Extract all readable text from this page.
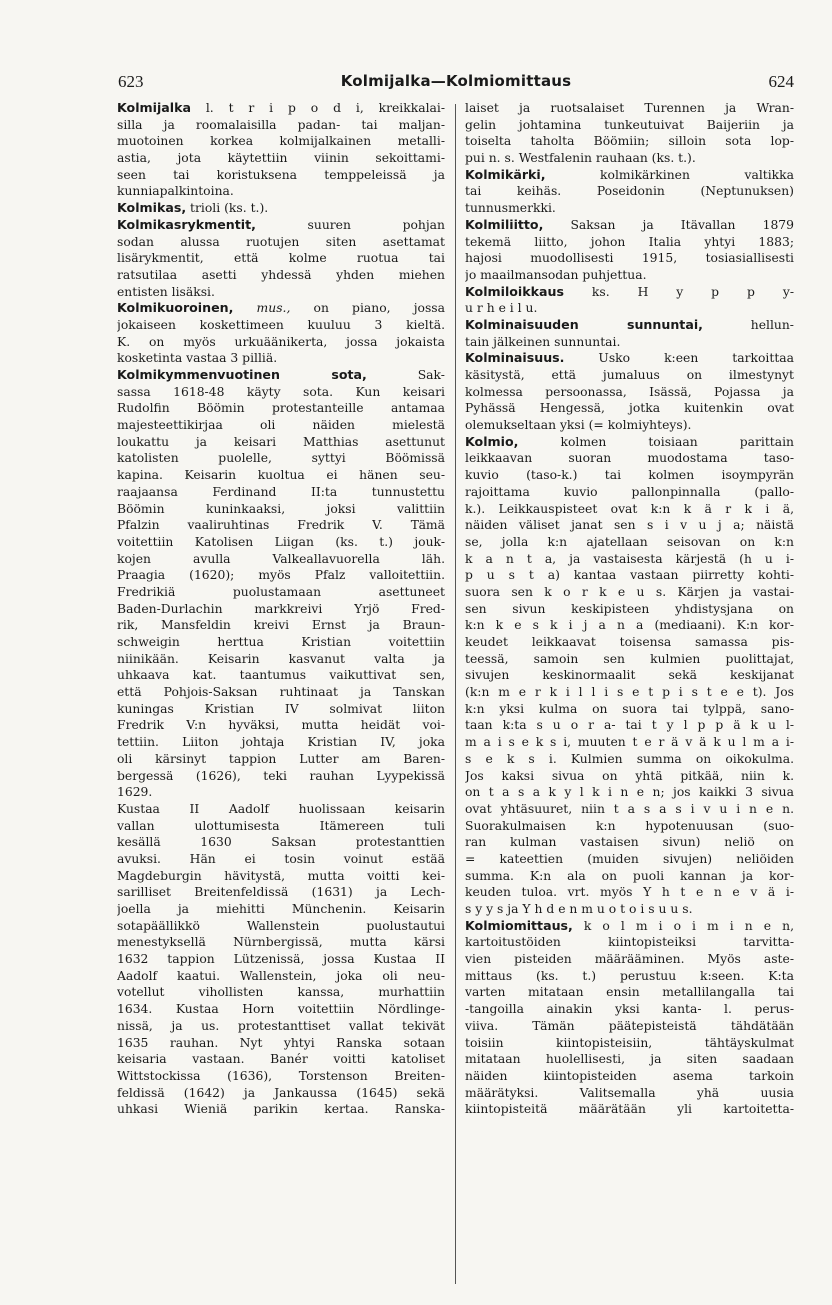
623	Kolmijalka—Kolmiomittaus	624
Kolmijalka l. t r i p o d i, kreikkalai-
silla ja roomalaisilla padan- tai maljan-
muotoinen korkea kolmijalkainen metalli-
astia, jota käytettiin viinin sekoittami-
seen tai koristuksena temppeleissä ja
kunniapalkintoina.
Kolmikas, trioli (ks. t.).
Kolmikasrykmentit, suuren pohjan
sodan alussa ruotujen siten asettamat
lisärykmentit, että kolme ruotua tai
ratsutilaa asetti yhdessä yhden miehen
entisten lisäksi.
Kolmikuoroinen, mus., on piano, jossa
jokaiseen koskettimeen kuuluu 3 kieltä.
K. on myös urkuäänikerta, jossa jokaista
kosketinta vastaa 3 pilliä.
Kolmikymmenvuotinen sota, Sak-
sassa 1618-48 käyty sota. Kun keisari
Rudolfin Böömin protestanteille antamaa
majesteettikirjaa oli näiden mielestä
loukattu ja keisari Matthias asettunut
katolisten puolelle, syttyi Böömissä
kapina. Keisarin kuoltua ei hänen seu-
raajaansa Ferdinand II:ta tunnustettu
Böömin kuninkaaksi, joksi valittiin
Pfalzin vaaliruhtinas Fredrik V. Tämä
voitettiin Katolisen Liigan (ks. t.) jouk-
kojen avulla Valkeallavuorella läh.
Praagia (1620); myös Pfalz valloitettiin.
Fredrikiä puolustamaan asettuneet
Baden-Durlachin markkreivi Yrjö Fred-
rik, Mansfeldin kreivi Ernst ja Braun-
schweigin herttua Kristian voitettiin
niinikään. Keisarin kasvanut valta ja
uhkaava kat. taantumus vaikuttivat sen,
että Pohjois-Saksan ruhtinaat ja Tanskan
kuningas Kristian IV solmivat liiton
Fredrik V:n hyväksi, mutta heidät voi-
tettiin. Liiton johtaja Kristian IV, joka
oli kärsinyt tappion Lutter am Baren-
bergessä (1626), teki rauhan Lyypekissä
1629.
Kustaa II Aadolf huolissaan keisarin
vallan ulottumisesta Itämereen tuli
kesällä 1630 Saksan protestanttien
avuksi. Hän ei tosin voinut estää
Magdeburgin hävitystä, mutta voitti kei-
sarilliset Breitenfeldissä (1631) ja Lech-
joella ja miehitti Münchenin. Keisarin
sotapäällikkö Wallenstein puolustautui
menestyksellä Nürnbergissä, mutta kärsi
1632 tappion Lützenissä, jossa Kustaa II
Aadolf kaatui. Wallenstein, joka oli neu-
votellut vihollisten kanssa, murhattiin
1634. Kustaa Horn voitettiin Nördlinge-
nissä, ja us. protestanttiset vallat tekivät
1635 rauhan. Nyt yhtyi Ranska sotaan
keisaria vastaan. Banér voitti katoliset
Wittstockissa (1636), Torstenson Breiten-
feldissä (1642) ja Jankaussa (1645) sekä
uhkasi Wieniä parikin kertaa. Ranska-
laiset ja ruotsalaiset Turennen ja Wran-
gelin johtamina tunkeutuivat Baijeriin ja
toiselta taholta Böömiin; silloin sota lop-
pui n. s. Westfalenin rauhaan (ks. t.).
Kolmikärki, kolmikärkinen valtikka
tai keihäs. Poseidonin (Neptunuksen)
tunnusmerkki.
Kolmiliitto, Saksan ja Itävallan 1879
tekemä liitto, johon Italia yhtyi 1883;
hajosi muodollisesti 1915, tosiasiallisesti
jo maailmansodan puhjettua.
Kolmiloikkaus ks. H y p p y-
u r h e i l u.
Kolminaisuuden sunnuntai, hellun-
tain jälkeinen sunnuntai.
Kolminaisuus. Usko k:een tarkoittaa
käsitystä, että jumaluus on ilmestynyt
kolmessa persoonassa, Isässä, Pojassa ja
Pyhässä Hengessä, jotka kuitenkin ovat
olemukseltaan yksi (= kolmiyhteys).
Kolmio, kolmen toisiaan parittain
leikkaavan suoran muodostama taso-
kuvio (taso-k.) tai kolmen isoympyrän
rajoittama kuvio pallonpinnalla (pallo-
k.). Leikkauspisteet ovat k:n k ä r k i ä,
näiden väliset janat sen s i v u j a; näistä
se, jolla k:n ajatellaan seisovan on k:n
k a n t a, ja vastaisesta kärjestä (h u i-
p u s t a) kantaa vastaan piirretty kohti-
suora sen k o r k e u s. Kärjen ja vastai-
sen sivun keskipisteen yhdistysjana on
k:n k e s k i j a n a (mediaani). K:n kor-
keudet leikkaavat toisensa samassa pis-
teessä, samoin sen kulmien puolittajat,
sivujen keskinormaalit sekä keskijanat
(k:n m e r k i l l i s e t p i s t e e t). Jos
k:n yksi kulma on suora tai tylppä, sano-
taan k:ta s u o r a- tai t y l p p ä k u l-
m a i s e k s i, muuten t e r ä v ä k u l m a i-
s e k s i. Kulmien summa on oikokulma.
Jos kaksi sivua on yhtä pitkää, niin k.
on t a s a k y l k i n e n; jos kaikki 3 sivua
ovat yhtäsuuret, niin t a s a s i v u i n e n.
Suorakulmaisen k:n hypotenuusan (suo-
ran kulman vastaisen sivun) neliö on
= kateettien (muiden sivujen) neliöiden
summa. K:n ala on puoli kannan ja kor-
keuden tuloa. vrt. myös Y h t e n e v ä i-
s y y s ja Y h d e n m u o t o i s u u s.
Kolmiomittaus, k o l m i o i m i n e n,
kartoitustöiden kiintopisteiksi tarvitta-
vien pisteiden määrääminen. Myös aste-
mittaus (ks. t.) perustuu k:seen. K:ta
varten mitataan ensin metallilangalla tai
-tangoilla ainakin yksi kanta- l. perus-
viiva. Tämän päätepisteistä tähdätään
toisiin kiintopisteisiin, tähtäyskulmat
mitataan huolellisesti, ja siten saadaan
näiden kiintopisteiden asema tarkoin
määrätyksi. Valitsemalla yhä uusia
kiintopisteitä määrätään yli kartoitetta-
